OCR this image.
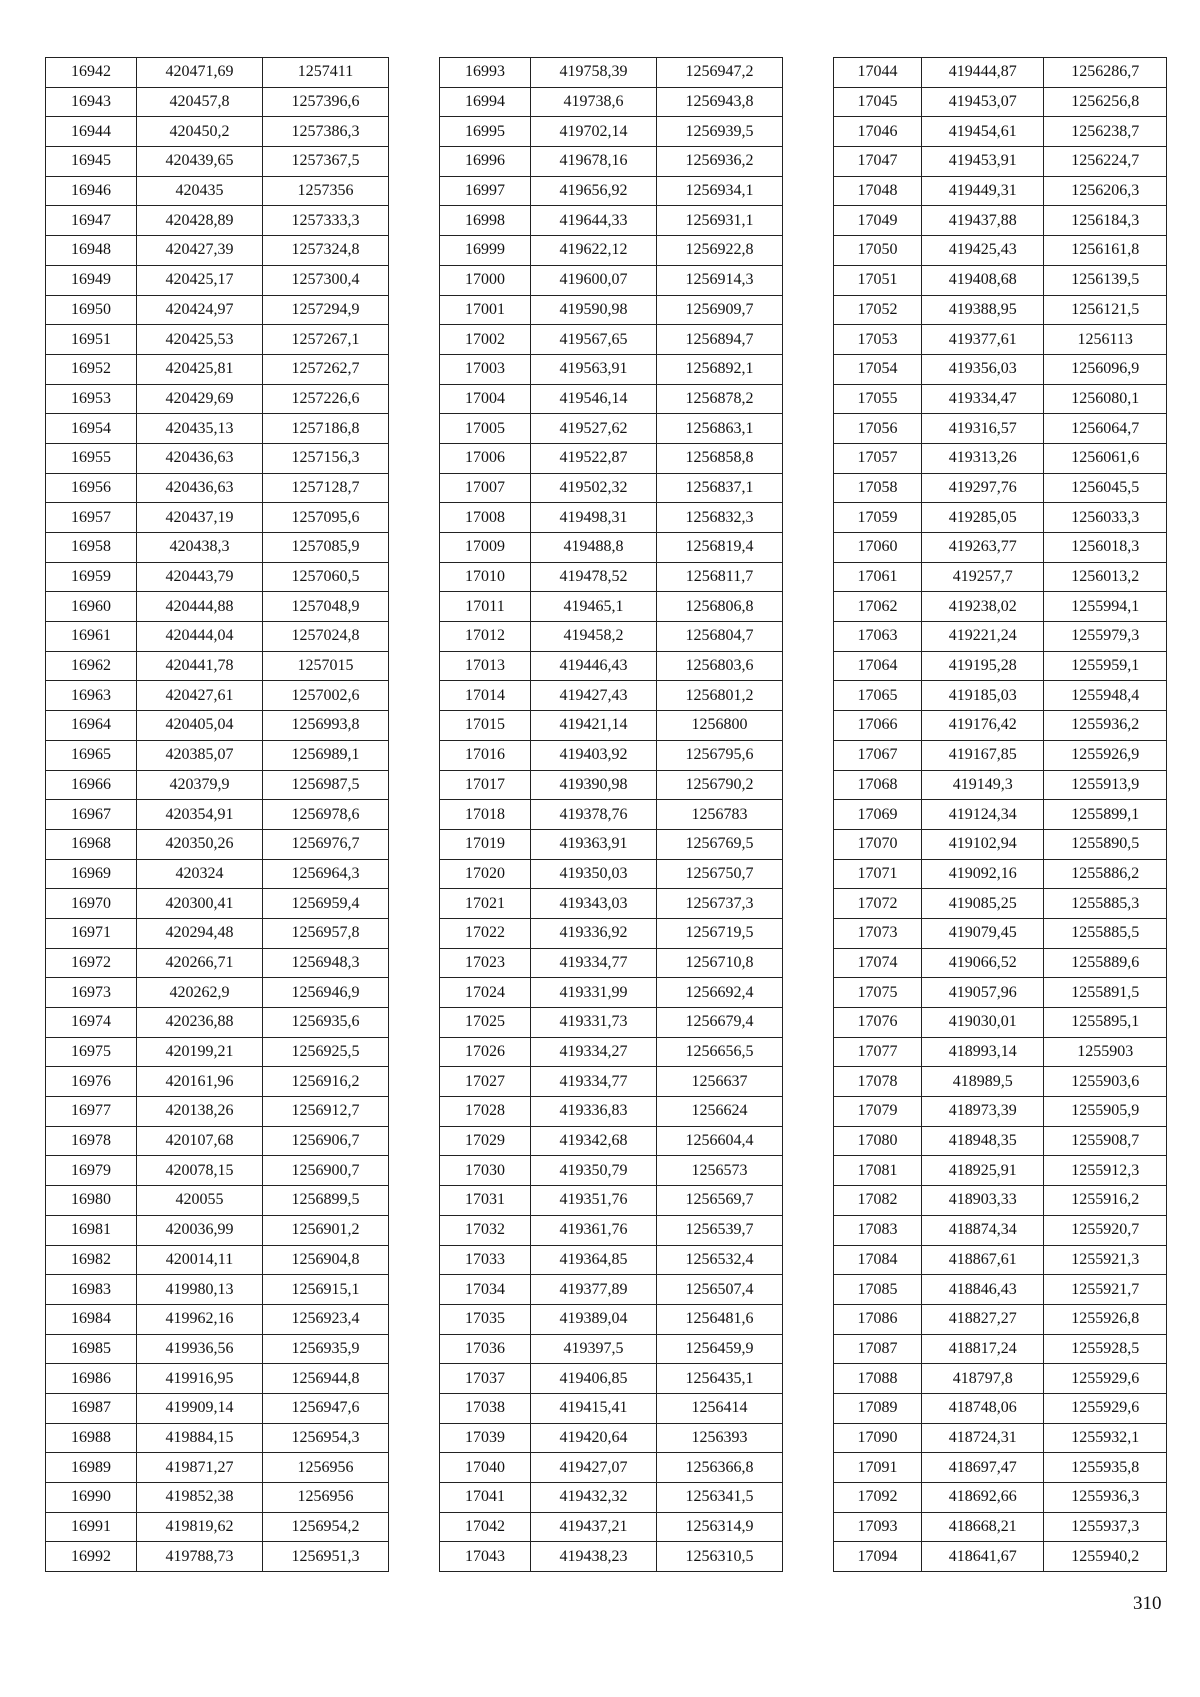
16942	420471,69	1257411
16943	420457,8	1257396,6
16944	420450,2	1257386,3
16945	420439,65	1257367,5
16946	420435	1257356
16947	420428,89	1257333,3
16948	420427,39	1257324,8
16949	420425,17	1257300,4
16950	420424,97	1257294,9
16951	420425,53	1257267,1
16952	420425,81	1257262,7
16953	420429,69	1257226,6
16954	420435,13	1257186,8
16955	420436,63	1257156,3
16956	420436,63	1257128,7
16957	420437,19	1257095,6
16958	420438,3	1257085,9
16959	420443,79	1257060,5
16960	420444,88	1257048,9
16961	420444,04	1257024,8
16962	420441,78	1257015
16963	420427,61	1257002,6
16964	420405,04	1256993,8
16965	420385,07	1256989,1
16966	420379,9	1256987,5
16967	420354,91	1256978,6
16968	420350,26	1256976,7
16969	420324	1256964,3
16970	420300,41	1256959,4
16971	420294,48	1256957,8
16972	420266,71	1256948,3
16973	420262,9	1256946,9
16974	420236,88	1256935,6
16975	420199,21	1256925,5
16976	420161,96	1256916,2
16977	420138,26	1256912,7
16978	420107,68	1256906,7
16979	420078,15	1256900,7
16980	420055	1256899,5
16981	420036,99	1256901,2
16982	420014,11	1256904,8
16983	419980,13	1256915,1
16984	419962,16	1256923,4
16985	419936,56	1256935,9
16986	419916,95	1256944,8
16987	419909,14	1256947,6
16988	419884,15	1256954,3
16989	419871,27	1256956
16990	419852,38	1256956
16991	419819,62	1256954,2
16992	419788,73	1256951,3
16993	419758,39	1256947,2
16994	419738,6	1256943,8
16995	419702,14	1256939,5
16996	419678,16	1256936,2
16997	419656,92	1256934,1
16998	419644,33	1256931,1
16999	419622,12	1256922,8
17000	419600,07	1256914,3
17001	419590,98	1256909,7
17002	419567,65	1256894,7
17003	419563,91	1256892,1
17004	419546,14	1256878,2
17005	419527,62	1256863,1
17006	419522,87	1256858,8
17007	419502,32	1256837,1
17008	419498,31	1256832,3
17009	419488,8	1256819,4
17010	419478,52	1256811,7
17011	419465,1	1256806,8
17012	419458,2	1256804,7
17013	419446,43	1256803,6
17014	419427,43	1256801,2
17015	419421,14	1256800
17016	419403,92	1256795,6
17017	419390,98	1256790,2
17018	419378,76	1256783
17019	419363,91	1256769,5
17020	419350,03	1256750,7
17021	419343,03	1256737,3
17022	419336,92	1256719,5
17023	419334,77	1256710,8
17024	419331,99	1256692,4
17025	419331,73	1256679,4
17026	419334,27	1256656,5
17027	419334,77	1256637
17028	419336,83	1256624
17029	419342,68	1256604,4
17030	419350,79	1256573
17031	419351,76	1256569,7
17032	419361,76	1256539,7
17033	419364,85	1256532,4
17034	419377,89	1256507,4
17035	419389,04	1256481,6
17036	419397,5	1256459,9
17037	419406,85	1256435,1
17038	419415,41	1256414
17039	419420,64	1256393
17040	419427,07	1256366,8
17041	419432,32	1256341,5
17042	419437,21	1256314,9
17043	419438,23	1256310,5
17044	419444,87	1256286,7
17045	419453,07	1256256,8
17046	419454,61	1256238,7
17047	419453,91	1256224,7
17048	419449,31	1256206,3
17049	419437,88	1256184,3
17050	419425,43	1256161,8
17051	419408,68	1256139,5
17052	419388,95	1256121,5
17053	419377,61	1256113
17054	419356,03	1256096,9
17055	419334,47	1256080,1
17056	419316,57	1256064,7
17057	419313,26	1256061,6
17058	419297,76	1256045,5
17059	419285,05	1256033,3
17060	419263,77	1256018,3
17061	419257,7	1256013,2
17062	419238,02	1255994,1
17063	419221,24	1255979,3
17064	419195,28	1255959,1
17065	419185,03	1255948,4
17066	419176,42	1255936,2
17067	419167,85	1255926,9
17068	419149,3	1255913,9
17069	419124,34	1255899,1
17070	419102,94	1255890,5
17071	419092,16	1255886,2
17072	419085,25	1255885,3
17073	419079,45	1255885,5
17074	419066,52	1255889,6
17075	419057,96	1255891,5
17076	419030,01	1255895,1
17077	418993,14	1255903
17078	418989,5	1255903,6
17079	418973,39	1255905,9
17080	418948,35	1255908,7
17081	418925,91	1255912,3
17082	418903,33	1255916,2
17083	418874,34	1255920,7
17084	418867,61	1255921,3
17085	418846,43	1255921,7
17086	418827,27	1255926,8
17087	418817,24	1255928,5
17088	418797,8	1255929,6
17089	418748,06	1255929,6
17090	418724,31	1255932,1
17091	418697,47	1255935,8
17092	418692,66	1255936,3
17093	418668,21	1255937,3
17094	418641,67	1255940,2
310
